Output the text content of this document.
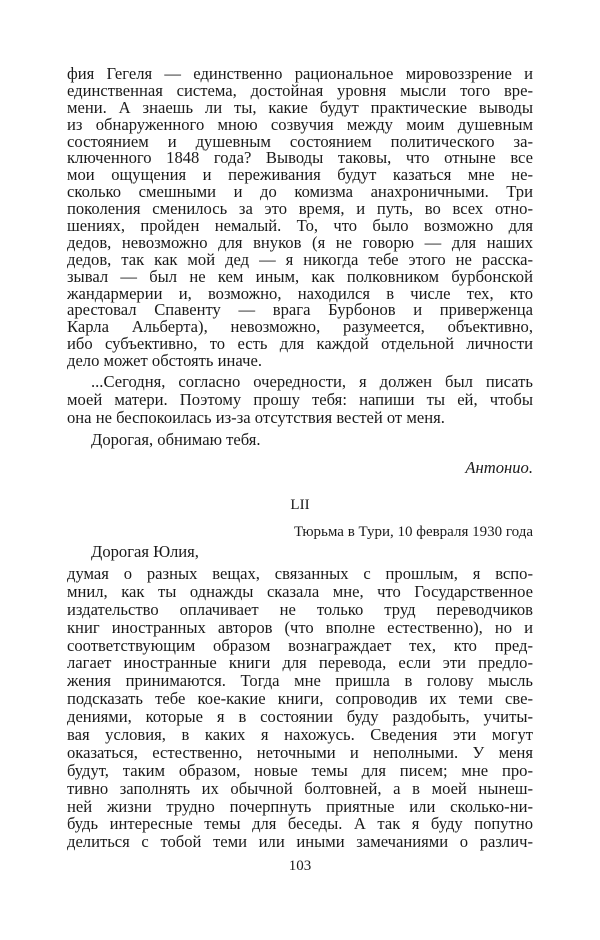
фия Гегеля — единственно рациональное мировоззрение и
единственная система, достойная уровня мысли того вре-
мени. А знаешь ли ты, какие будут практические выводы
из обнаруженного мною созвучия между моим душевным
состоянием и душевным состоянием политического за-
ключенного 1848 года? Выводы таковы, что отныне все
мои ощущения и переживания будут казаться мне не-
сколько смешными и до комизма анахроничными. Три
поколения сменилось за это время, и путь, во всех отно-
шениях, пройден немалый. То, что было возможно для
дедов, невозможно для внуков (я не говорю — для наших
дедов, так как мой дед — я никогда тебе этого не расска-
зывал — был не кем иным, как полковником бурбонской
жандармерии и, возможно, находился в числе тех, кто
арестовал Спавенту — врага Бурбонов и приверженца
Карла Альберта), невозможно, разумеется, объективно,
ибо субъективно, то есть для каждой отдельной личности
дело может обстоять иначе.
...Сегодня, согласно очередности, я должен был писать
моей матери. Поэтому прошу тебя: напиши ты ей, чтобы
она не беспокоилась из-за отсутствия вестей от меня.
Дорогая, обнимаю тебя.
Антонио.
LII
Тюрьма в Тури, 10 февраля 1930 года
Дорогая Юлия,
думая о разных вещах, связанных с прошлым, я вспо-
мнил, как ты однажды сказала мне, что Государственное
издательство оплачивает не только труд переводчиков
книг иностранных авторов (что вполне естественно), но и
соответствующим образом вознаграждает тех, кто пред-
лагает иностранные книги для перевода, если эти предло-
жения принимаются. Тогда мне пришла в голову мысль
подсказать тебе кое-какие книги, сопроводив их теми све-
дениями, которые я в состоянии буду раздобыть, учиты-
вая условия, в каких я нахожусь. Сведения эти могут
оказаться, естественно, неточными и неполными. У меня
будут, таким образом, новые темы для писем; мне про-
тивно заполнять их обычной болтовней, а в моей нынеш-
ней жизни трудно почерпнуть приятные или сколько-ни-
будь интересные темы для беседы. А так я буду попутно
делиться с тобой теми или иными замечаниями о различ-
103
